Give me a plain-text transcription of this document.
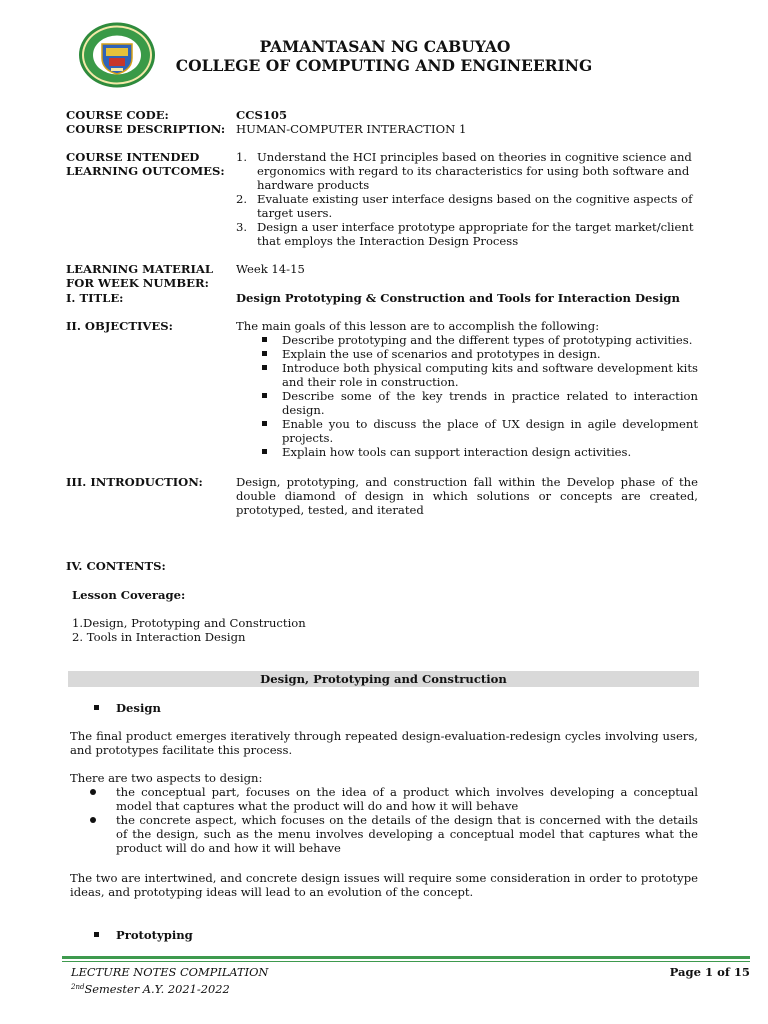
PAMANTASAN NG CABUYAO
COLLEGE OF COMPUTING AND ENGINEERING
COURSE CODE:	CCS105
COURSE DESCRIPTION: HUMAN-COMPUTER INTERACTION 1
COURSE INTENDED
LEARNING OUTCOMES:
1. Understand the HCI principles based on theories in cognitive science and ergonomics with regard to its characteristics for using both software and hardware products
2. Evaluate existing user interface designs based on the cognitive aspects of target users.
3. Design a user interface prototype appropriate for the target market/client that employs the Interaction Design Process
LEARNING MATERIAL
FOR WEEK NUMBER:
Week 14-15
I. TITLE:	Design Prototyping & Construction and Tools for Interaction Design
II. OBJECTIVES:	The main goals of this lesson are to accomplish the following:
Describe prototyping and the different types of prototyping activities.
Explain the use of scenarios and prototypes in design.
Introduce both physical computing kits and software development kits and their role in construction.
Describe some of the key trends in practice related to interaction design.
Enable you to discuss the place of UX design in agile development projects.
Explain how tools can support interaction design activities.
III. INTRODUCTION:	Design, prototyping, and construction fall within the Develop phase of the double diamond of design in which solutions or concepts are created, prototyped, tested, and iterated
IV. CONTENTS:
Lesson Coverage:
1.Design, Prototyping and Construction
2. Tools in Interaction Design
Design, Prototyping and Construction
Design
The final product emerges iteratively through repeated design-evaluation-redesign cycles involving users, and prototypes facilitate this process.
There are two aspects to design:
the conceptual part, focuses on the idea of a product which involves developing a conceptual model that captures what the product will do and how it will behave
the concrete aspect, which focuses on the details of the design that is concerned with the details of the design, such as the menu involves developing a conceptual model that captures what the product will do and how it will behave
The two are intertwined, and concrete design issues will require some consideration in order to prototype ideas, and prototyping ideas will lead to an evolution of the concept.
Prototyping
LECTURE NOTES COMPILATION
$^{2nd}$Semester A.Y. 2021-2022
Page 1 of 15
